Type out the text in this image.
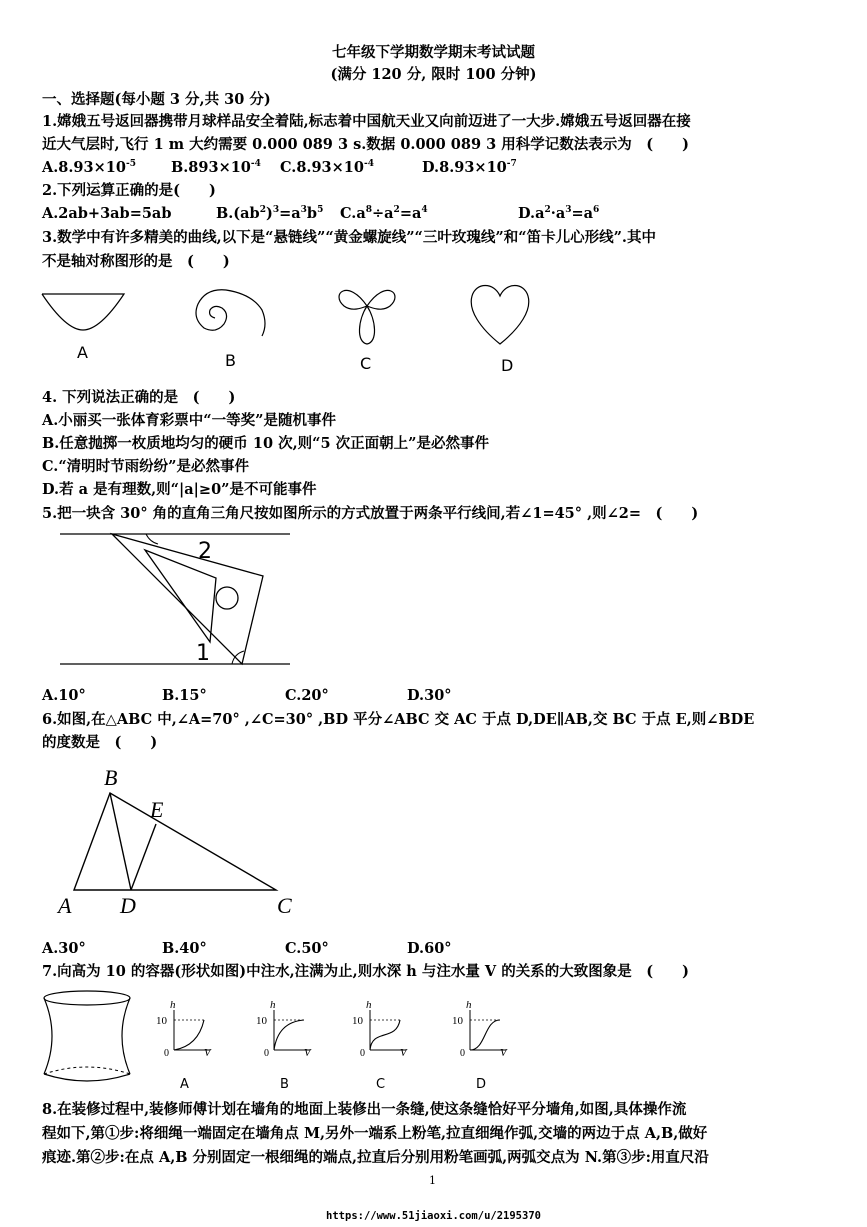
七年级下学期数学期末考试试题
(满分 120 分, 限时 100 分钟)
一、选择题(每小题 3 分,共 30 分)
1.嫦娥五号返回器携带月球样品安全着陆,标志着中国航天业又向前迈进了一大步.嫦娥五号返回器在接
近大气层时,飞行 1 m 大约需要 0.000 089 3 s.数据 0.000 089 3 用科学记数法表示为　(　　)
$A.8.93\times 10^{-5}$ $B.893\times 10^{-4}$ $C.8.93\times 10^{-4}$	$D.8.93\times 10^{-7}$
2.下列运算正确的是(　　)
A.2ab+3ab=5ab	$B.(ab^2)^3=a^3b^5$ $C.a^8\div a^2=a^4$	$D.a^2\cdot a^3=a^6$
3.数学中有许多精美的曲线,以下是“悬链线”“黄金螺旋线”“三叶玫瑰线”和“笛卡儿心形线”.其中
不是轴对称图形的是　(　　)
A	B	C	D
4. 下列说法正确的是　(　　)
A.小丽买一张体育彩票中“一等奖”是随机事件
B.任意抛掷一枚质地均匀的硬币 10 次,则“5 次正面朝上”是必然事件
C.“清明时节雨纷纷”是必然事件
D.若 a 是有理数,则“|a|≥0”是不可能事件
5.把一块含 30° 角的直角三角尺按如图所示的方式放置于两条平行线间,若∠1=45° ,则∠2=　(　　)
2
1
A.10°	B.15°	C.20°	D.30°
6.如图,在△ABC 中,∠A=70° ,∠C=30° ,BD 平分∠ABC 交 AC 于点 D,DE∥AB,交 BC 于点 E,则∠BDE
的度数是　(　　)
B
E
A D	C
A.30°	B.40°	C.50°	D.60°
7.向高为 10 的容器(形状如图)中注水,注满为止,则水深 h 与注水量 V 的关系的大致图象是　(　　)
h
10
0	V
A
h
10
0	V
B
h
10
0	V
C
h
10
0	V
D
8.在装修过程中,装修师傅计划在墙角的地面上装修出一条缝,使这条缝恰好平分墙角,如图,具体操作流
程如下,第①步:将细绳一端固定在墙角点 M,另外一端系上粉笔,拉直细绳作弧,交墙的两边于点 A,B,做好
痕迹.第②步:在点 A,B 分别固定一根细绳的端点,拉直后分别用粉笔画弧,两弧交点为 N.第③步:用直尺沿
1
https://www.51jiaoxi.com/u/2195370
